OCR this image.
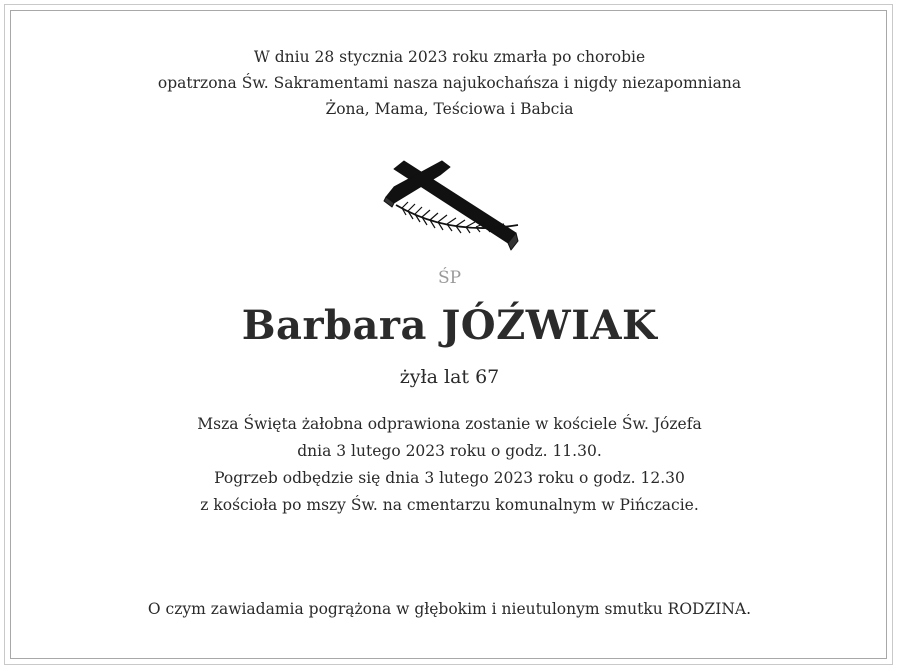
W dniu 28 stycznia 2023 roku zmarła po chorobie
opatrzona Św. Sakramentami nasza najukochańsza i nigdy niezapomniana
Żona, Mama, Teściowa i Babcia
ŚP
Barbara JÓŹWIAK
żyła lat 67
Msza Święta żałobna odprawiona zostanie w kościele Św. Józefa
dnia 3 lutego 2023 roku o godz. 11.30.
Pogrzeb odbędzie się dnia 3 lutego 2023 roku o godz. 12.30
z kościoła po mszy Św. na cmentarzu komunalnym w Pińczacie.
O czym zawiadamia pogrążona w głębokim i nieutulonym smutku RODZINA.
